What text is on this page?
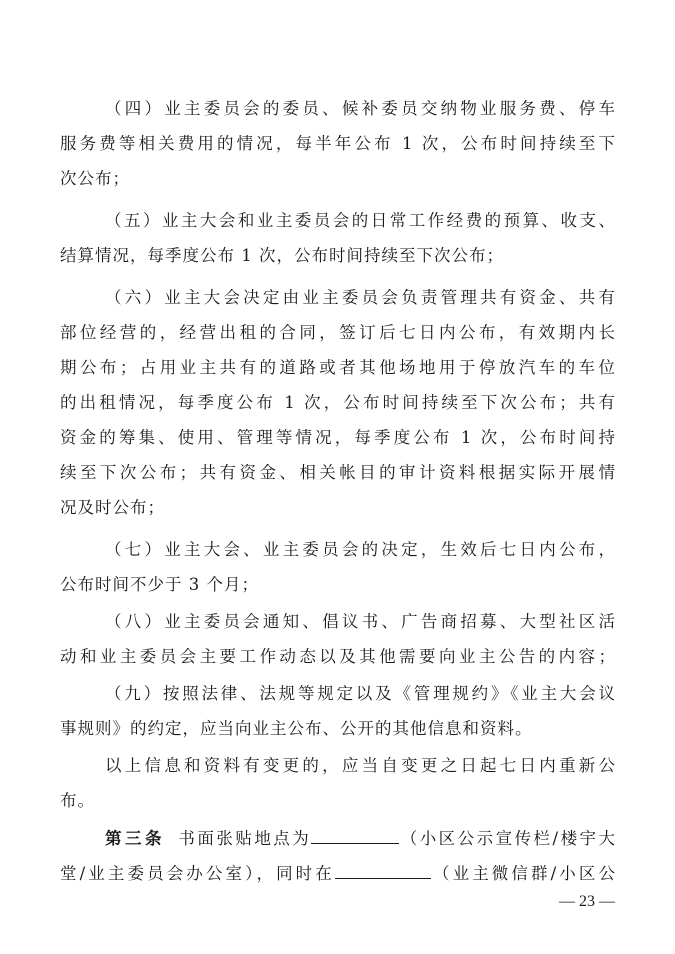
（四）业主委员会的委员、候补委员交纳物业服务费、停车
服务费等相关费用的情况，每半年公布 1 次，公布时间持续至下
次公布；
（五）业主大会和业主委员会的日常工作经费的预算、收支、
结算情况，每季度公布 1 次，公布时间持续至下次公布；
（六）业主大会决定由业主委员会负责管理共有资金、共有
部位经营的，经营出租的合同，签订后七日内公布，有效期内长
期公布；占用业主共有的道路或者其他场地用于停放汽车的车位
的出租情况，每季度公布 1 次，公布时间持续至下次公布；共有
资金的筹集、使用、管理等情况，每季度公布 1 次，公布时间持
续至下次公布；共有资金、相关帐目的审计资料根据实际开展情
况及时公布；
（七）业主大会、业主委员会的决定，生效后七日内公布，
公布时间不少于 3 个月；
（八）业主委员会通知、倡议书、广告商招募、大型社区活
动和业主委员会主要工作动态以及其他需要向业主公告的内容；
（九）按照法律、法规等规定以及《管理规约》《业主大会议
事规则》的约定，应当向业主公布、公开的其他信息和资料。
以上信息和资料有变更的，应当自变更之日起七日内重新公
布。
第三条 书面张贴地点为	（小区公示宣传栏/楼宇大
堂/业主委员会办公室），同时在	（业主微信群/小区公
— 23 —
